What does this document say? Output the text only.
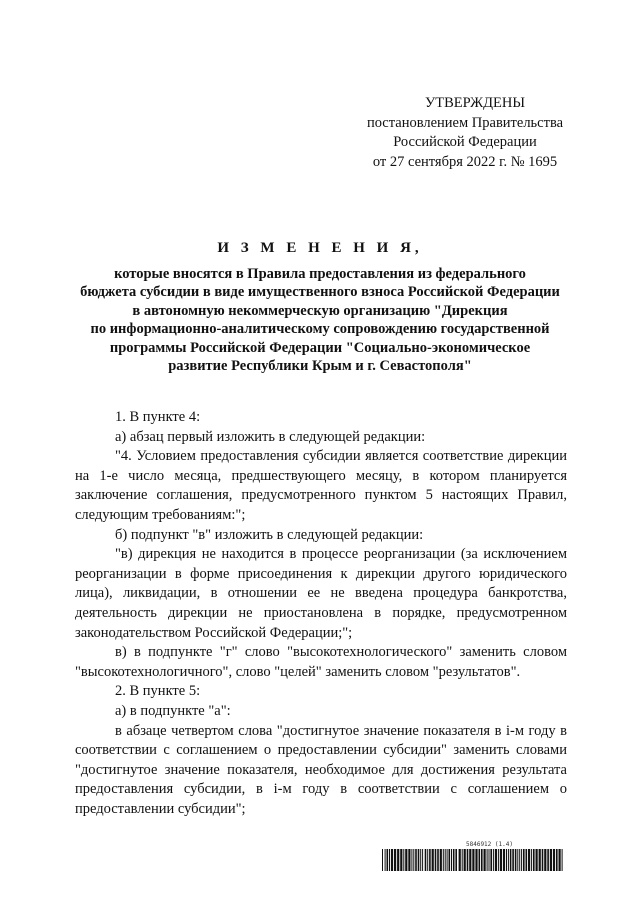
УТВЕРЖДЕНЫ
постановлением Правительства
Российской Федерации
от 27 сентября 2022 г. № 1695
И З М Е Н Е Н И Я,
которые вносятся в Правила предоставления из федерального
бюджета субсидии в виде имущественного взноса Российской Федерации
в автономную некоммерческую организацию "Дирекция
по информационно-аналитическому сопровождению государственной
программы Российской Федерации "Социально-экономическое
развитие Республики Крым и г. Севастополя"

1. В пункте 4:

а) абзац первый изложить в следующей редакции:

"4. Условием предоставления субсидии является соответствие дирекции на 1-е число месяца, предшествующего месяцу, в котором планируется заключение соглашения, предусмотренного пунктом 5 настоящих Правил, следующим требованиям:";

б) подпункт "в" изложить в следующей редакции:

"в) дирекция не находится в процессе реорганизации (за исключением реорганизации в форме присоединения к дирекции другого юридического лица), ликвидации, в отношении ее не введена процедура банкротства, деятельность дирекции не приостановлена в порядке, предусмотренном законодательством Российской Федерации;";

в) в подпункте "г" слово "высокотехнологического" заменить словом "высокотехнологичного", слово "целей" заменить словом "результатов".

2. В пункте 5:

а) в подпункте "а":

в абзаце четвертом слова "достигнутое значение показателя в i-м году в соответствии с соглашением о предоставлении субсидии" заменить словами "достигнутое значение показателя, необходимое для достижения результата предоставления субсидии, в i-м году в соответствии с соглашением о предоставлении субсидии";

5846912 (1.4)
